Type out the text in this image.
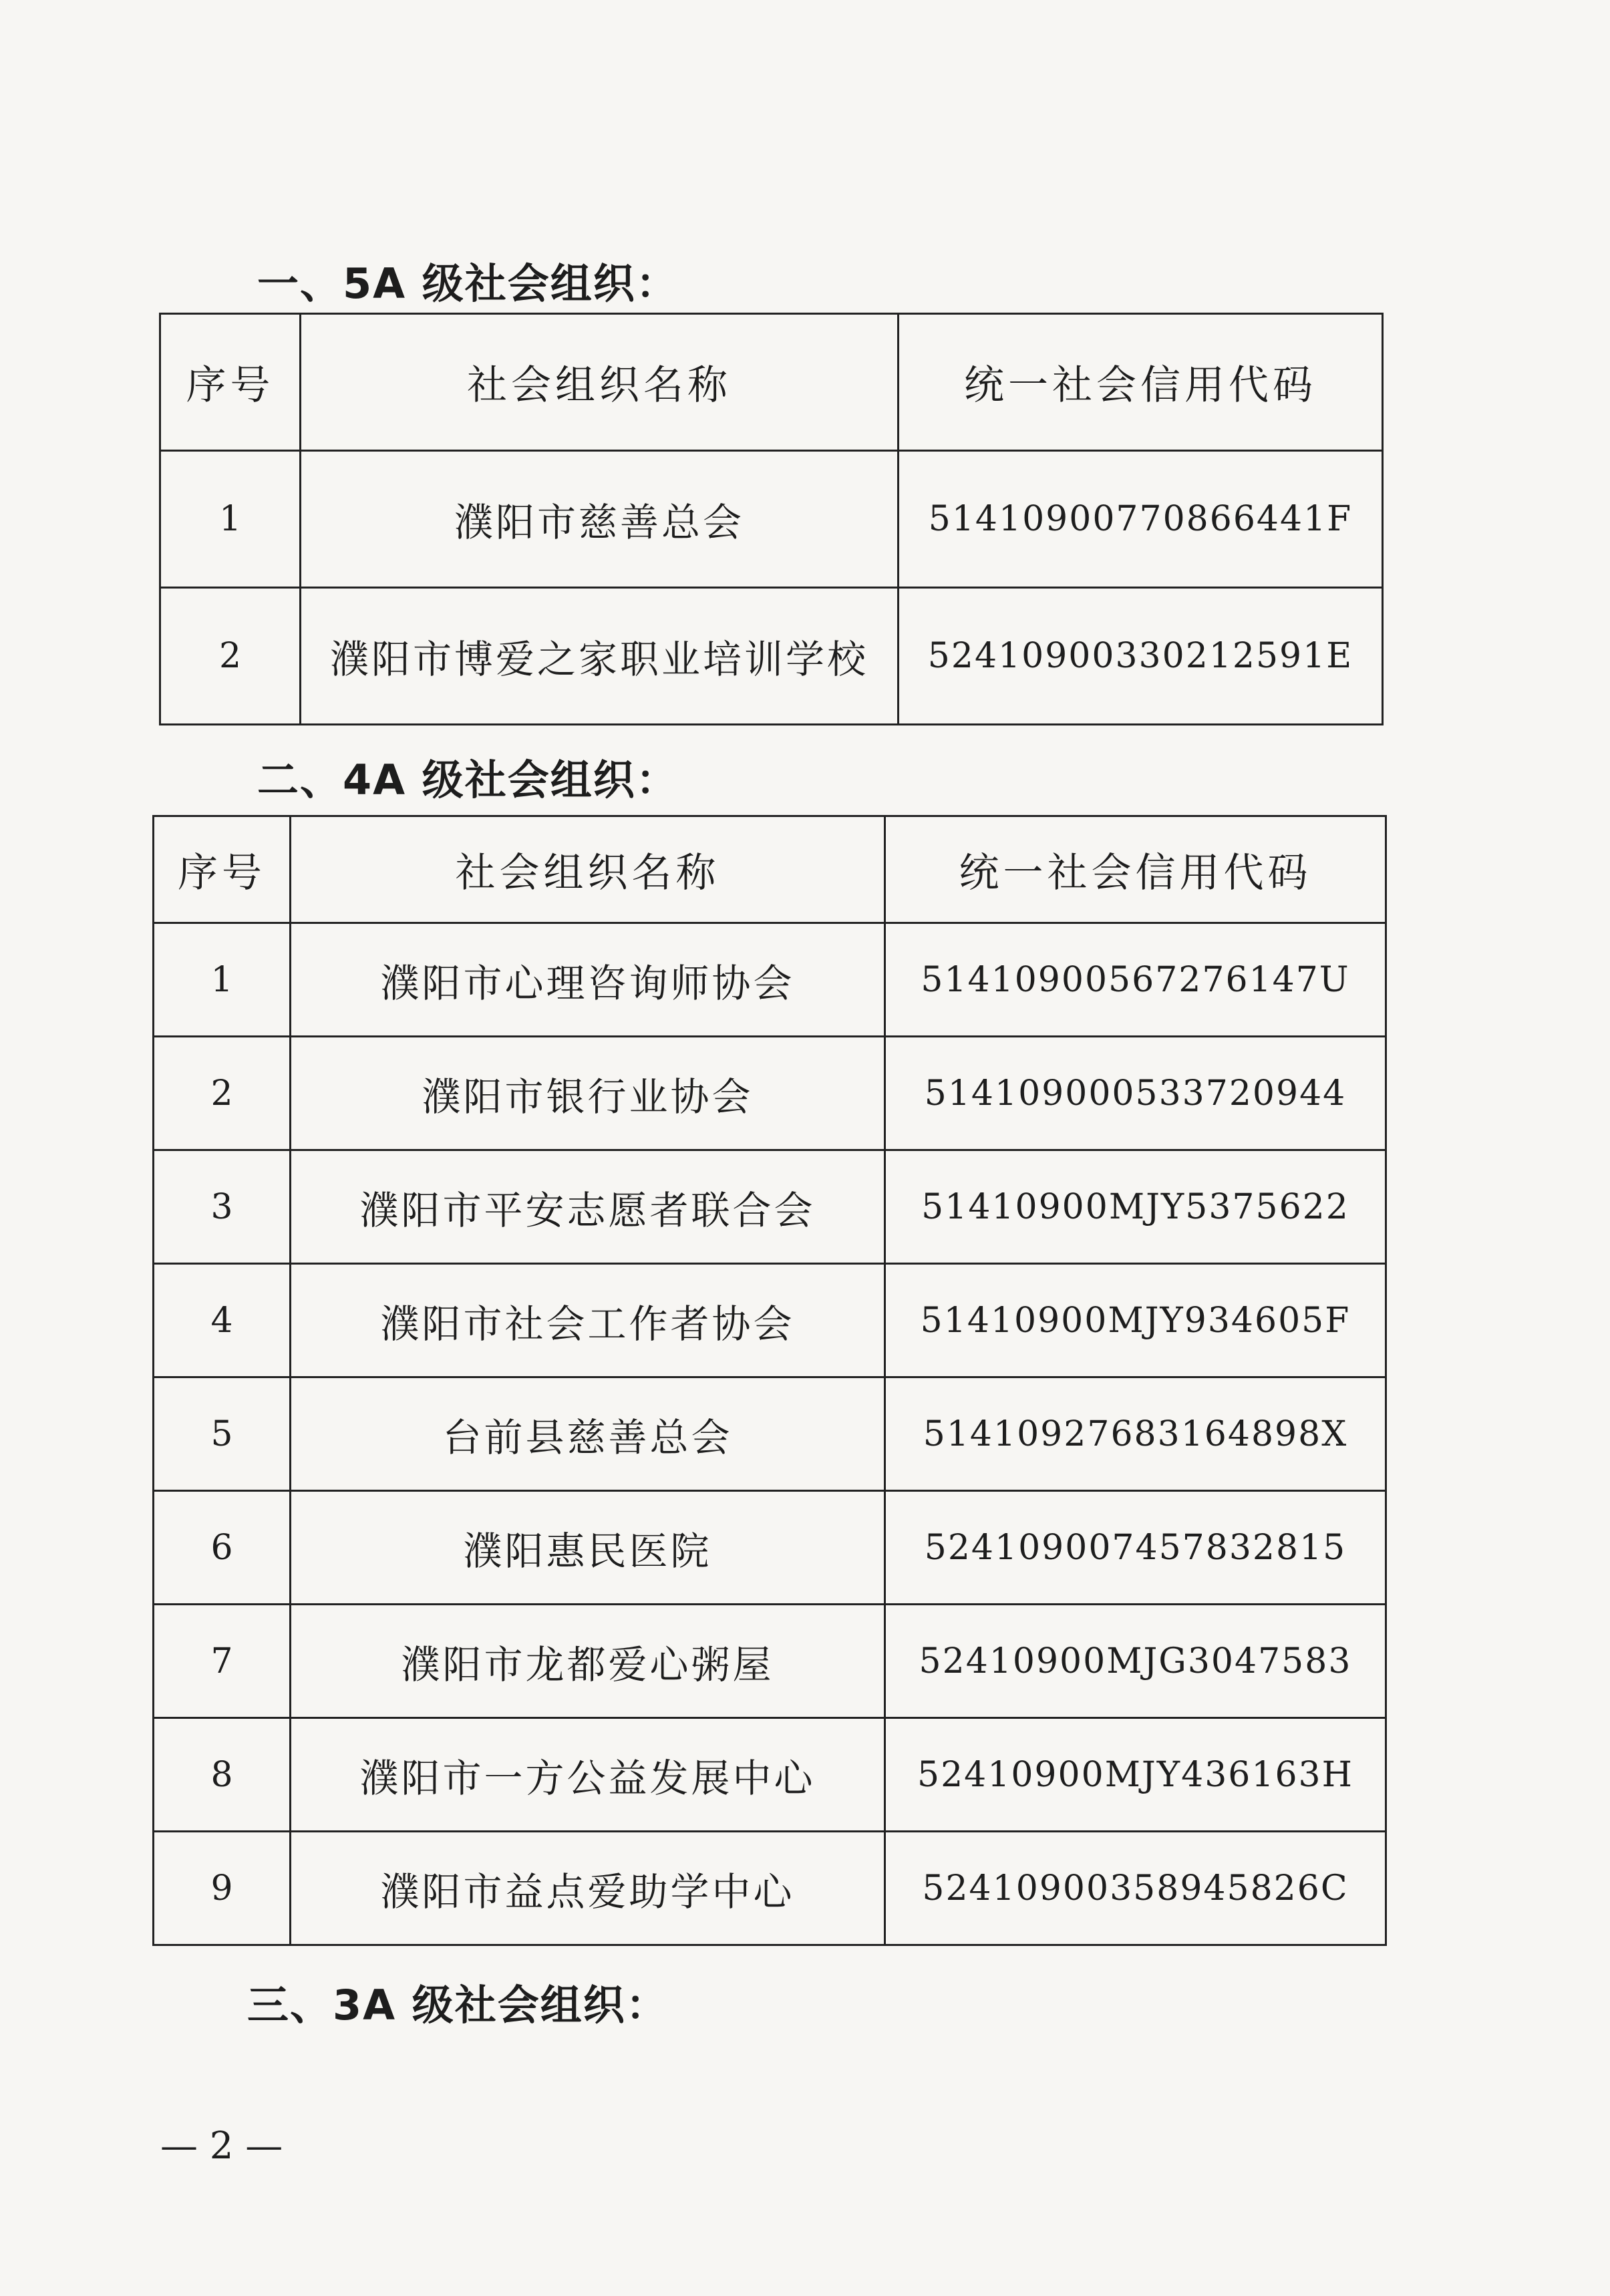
一、5A 级社会组织：
序号	社会组织名称	统一社会信用代码
1	濮阳市慈善总会	51410900770866441F
2	濮阳市博爱之家职业培训学校	52410900330212591E
二、4A 级社会组织：
序号	社会组织名称	统一社会信用代码
1	濮阳市心理咨询师协会	51410900567276147U
2	濮阳市银行业协会	514109000533720944
3	濮阳市平安志愿者联合会	51410900MJY5375622
4	濮阳市社会工作者协会	51410900MJY934605F
5	台前县慈善总会	51410927683164898X
6	濮阳惠民医院	524109007457832815
7	濮阳市龙都爱心粥屋	52410900MJG3047583
8	濮阳市一方公益发展中心	52410900MJY436163H
9	濮阳市益点爱助学中心	52410900358945826C
三、3A 级社会组织：
— 2 —
